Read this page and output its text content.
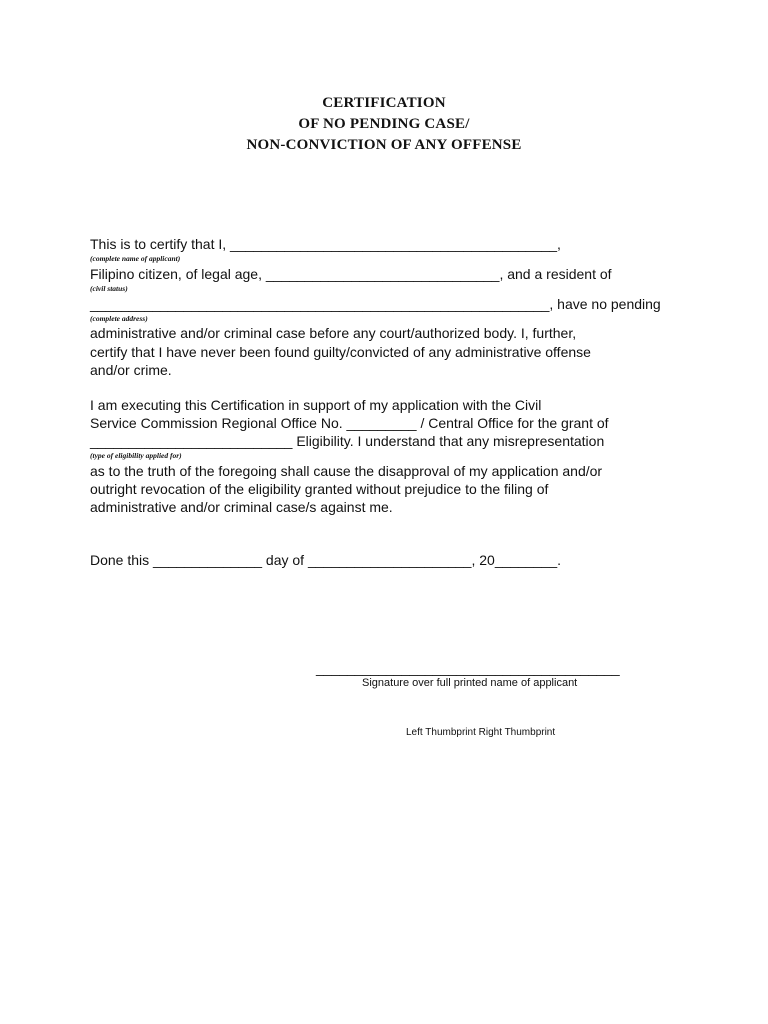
CERTIFICATION
OF NO PENDING CASE/
NON-CONVICTION OF ANY OFFENSE
This is to certify that I, __________________________________________,
(complete name of applicant)
Filipino citizen, of legal age, ______________________________, and a resident of
(civil status)
___________________________________________________________, have no pending
(complete address)
administrative and/or criminal case before any court/authorized body. I, further,
certify that I have never been found guilty/convicted of any administrative offense
and/or crime.
I am executing this Certification in support of my application with the Civil
Service Commission Regional Office No. _________ / Central Office for the grant of
__________________________ Eligibility. I understand that any misrepresentation
(type of eligibility applied for)
as to the truth of the foregoing shall cause the disapproval of my application and/or
outright revocation of the eligibility granted without prejudice to the filing of
administrative and/or criminal case/s against me.
Done this ______________ day of _____________________, 20________.
_______________________________________
Signature over full printed name of applicant
Left Thumbprint Right Thumbprint
